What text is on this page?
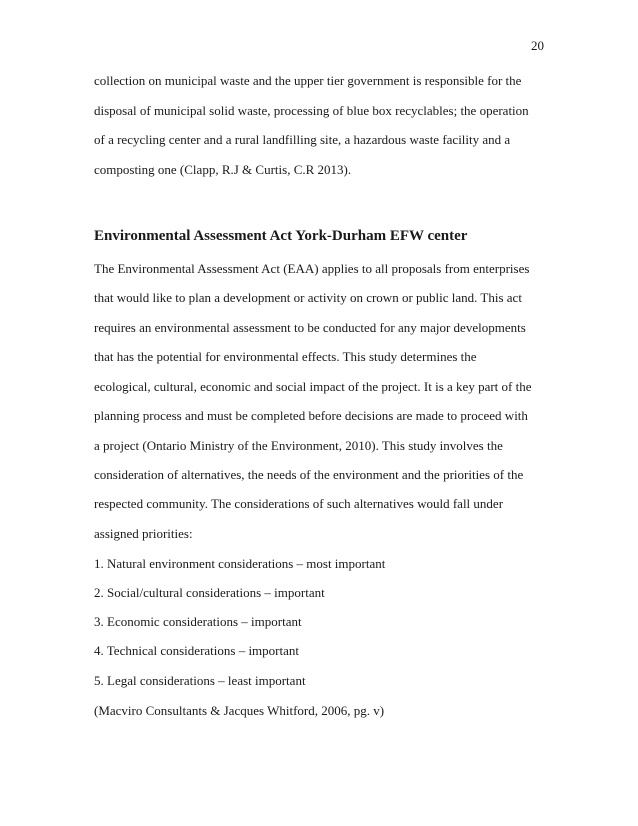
20
collection on municipal waste and the upper tier government is responsible for the
disposal of municipal solid waste, processing of blue box recyclables; the operation
of a recycling center and a rural landfilling site, a hazardous waste facility and a
composting one (Clapp, R.J & Curtis, C.R 2013).
Environmental Assessment Act York-Durham EFW center
The Environmental Assessment Act (EAA) applies to all proposals from enterprises
that would like to plan a development or activity on crown or public land. This act
requires an environmental assessment to be conducted for any major developments
that has the potential for environmental effects. This study determines the
ecological, cultural, economic and social impact of the project. It is a key part of the
planning process and must be completed before decisions are made to proceed with
a project (Ontario Ministry of the Environment, 2010). This study involves the
consideration of alternatives, the needs of the environment and the priorities of the
respected community. The considerations of such alternatives would fall under
assigned priorities:
1. Natural environment considerations – most important
2. Social/cultural considerations – important
3. Economic considerations – important
4. Technical considerations – important
5. Legal considerations – least important
(Macviro Consultants & Jacques Whitford, 2006, pg. v)
